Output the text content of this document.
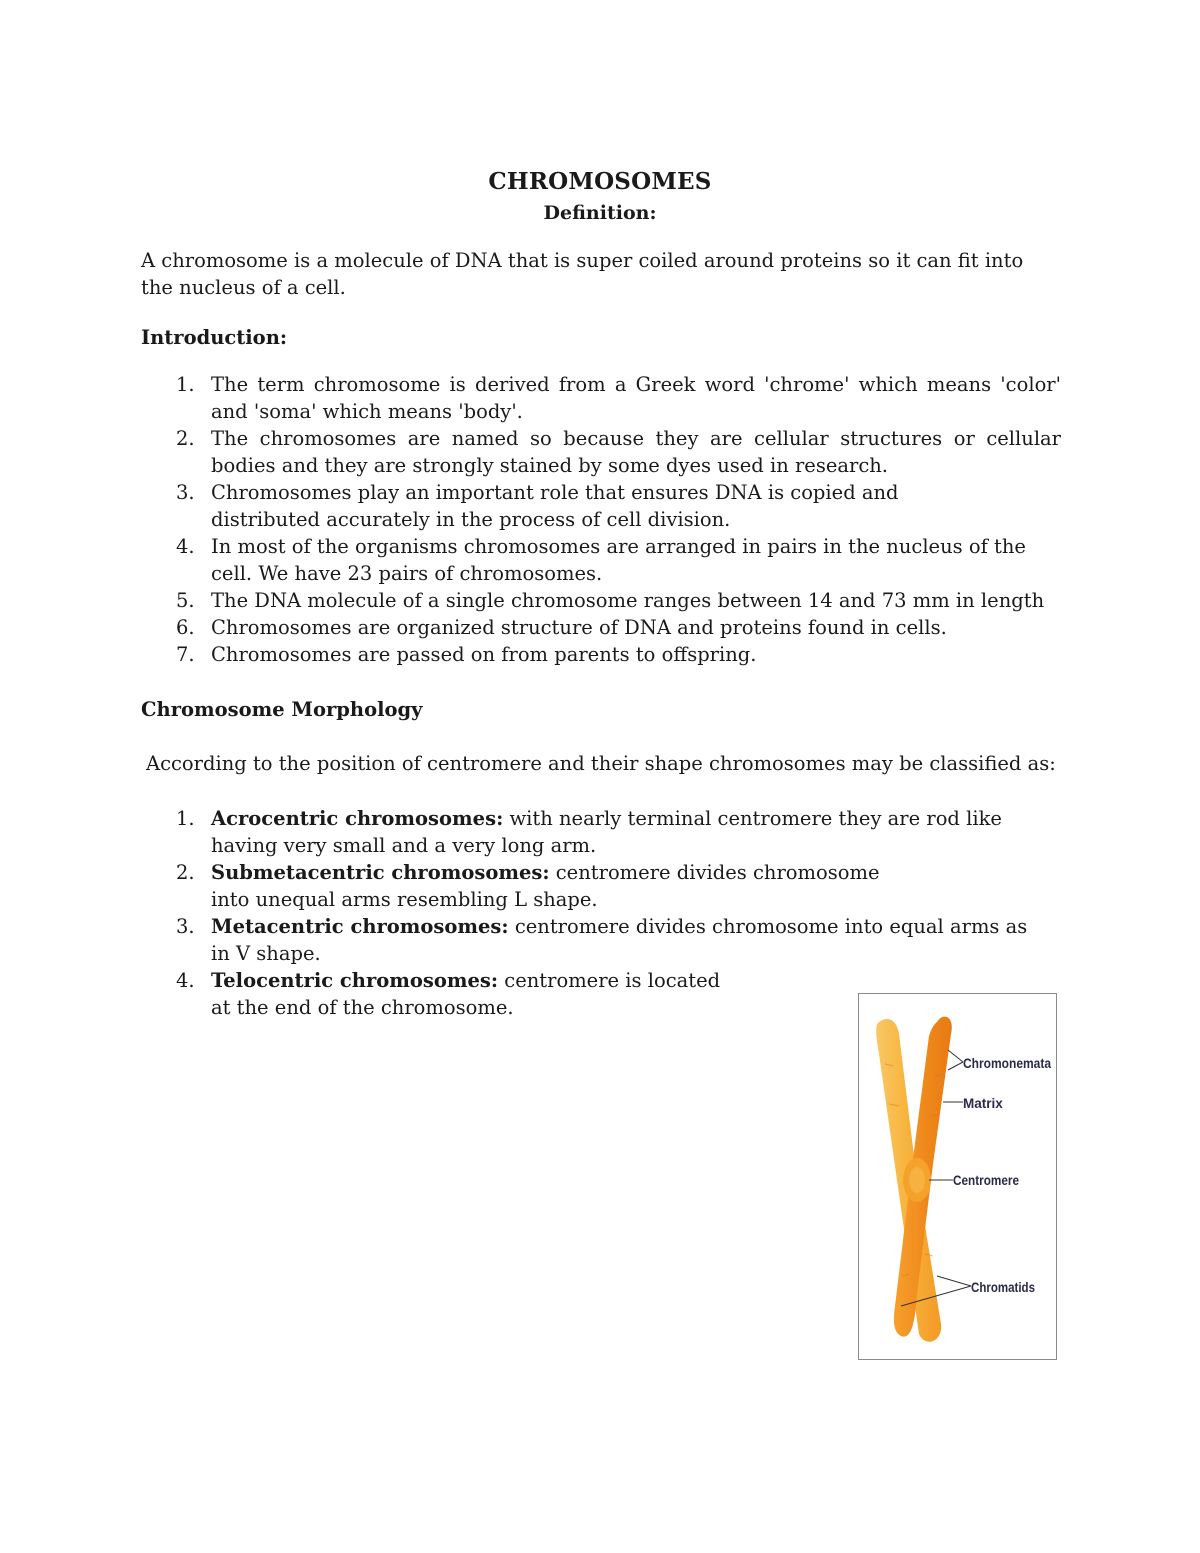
CHROMOSOMES
Definition:

A chromosome is a molecule of DNA that is super coiled around proteins so it can fit into the nucleus of a cell.

Introduction:

1. The term chromosome is derived from a Greek word 'chrome' which means 'color' and 'soma' which means 'body'.
2. The chromosomes are named so because they are cellular structures or cellular bodies and they are strongly stained by some dyes used in research.
3. Chromosomes play an important role that ensures DNA is copied and distributed accurately in the process of cell division.
4. In most of the organisms chromosomes are arranged in pairs in the nucleus of the cell. We have 23 pairs of chromosomes.
5. The DNA molecule of a single chromosome ranges between 14 and 73 mm in length
6. Chromosomes are organized structure of DNA and proteins found in cells.
7. Chromosomes are passed on from parents to offspring.

Chromosome Morphology

According to the position of centromere and their shape chromosomes may be classified as:

1. Acrocentric chromosomes: with nearly terminal centromere they are rod like having very small and a very long arm.
2. Submetacentric chromosomes: centromere divides chromosome into unequal arms resembling L shape.
3. Metacentric chromosomes: centromere divides chromosome into equal arms as in V shape.
4. Telocentric chromosomes: centromere is located at the end of the chromosome.
Chromonemata
Matrix
Centromere
Chromatids
